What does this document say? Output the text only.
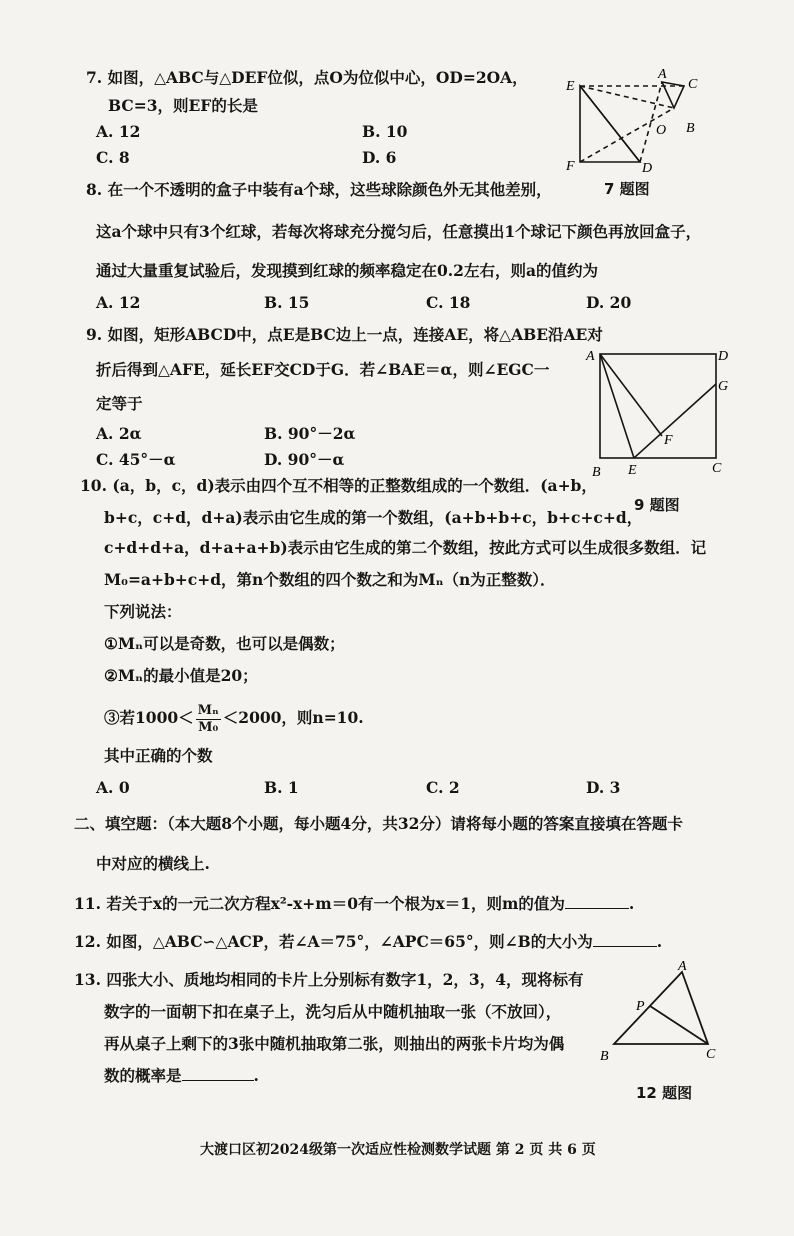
7. 如图，△ABC与△DEF位似，点O为位似中心，OD=2OA，
BC=3，则EF的长是
A. 12	B. 10
C. 8	D. 6
E
A
C
O B
F	D
7 题图
8. 在一个不透明的盒子中装有a个球，这些球除颜色外无其他差别，
这a个球中只有3个红球，若每次将球充分搅匀后，任意摸出1个球记下颜色再放回盒子，
通过大量重复试验后，发现摸到红球的频率稳定在0.2左右，则a的值约为
A. 12	B. 15	C. 18	D. 20
9. 如图，矩形ABCD中，点E是BC边上一点，连接AE，将△ABE沿AE对
折后得到△AFE，延长EF交CD于G．若∠BAE＝α，则∠EGC一
定等于
A. 2α	B. 90°－2α
C. 45°－α	D. 90°－α
A	D
G
F
B E	C
9 题图
10. (a，b，c，d)表示由四个互不相等的正整数组成的一个数组．(a+b，
b+c，c+d，d+a)表示由它生成的第一个数组，(a+b+b+c，b+c+c+d，
c+d+d+a，d+a+a+b)表示由它生成的第二个数组，按此方式可以生成很多数组．记
M₀=a+b+c+d，第n个数组的四个数之和为Mₙ（n为正整数）．
下列说法：
①Mₙ可以是奇数，也可以是偶数；
②Mₙ的最小值是20；
③若$1000< \frac{\text{Mₙ}}{\text{M₀}} <2000$，则n=10.
其中正确的个数
A. 0	B. 1	C. 2	D. 3
二、填空题：（本大题8个小题，每小题4分，共32分）请将每小题的答案直接填在答题卡
中对应的横线上.
11. 若关于x的一元二次方程x²-x+m＝0有一个根为x＝1，则m的值为	.
12. 如图，△ABC∽△ACP，若∠A＝75°，∠APC＝65°，则∠B的大小为	.
13. 四张大小、质地均相同的卡片上分别标有数字1，2，3，4，现将标有
数字的一面朝下扣在桌子上，洗匀后从中随机抽取一张（不放回），
再从桌子上剩下的3张中随机抽取第二张，则抽出的两张卡片均为偶
数的概率是	.
A
P
B	C
12 题图
大渡口区初2024级第一次适应性检测数学试题 第 2 页 共 6 页
